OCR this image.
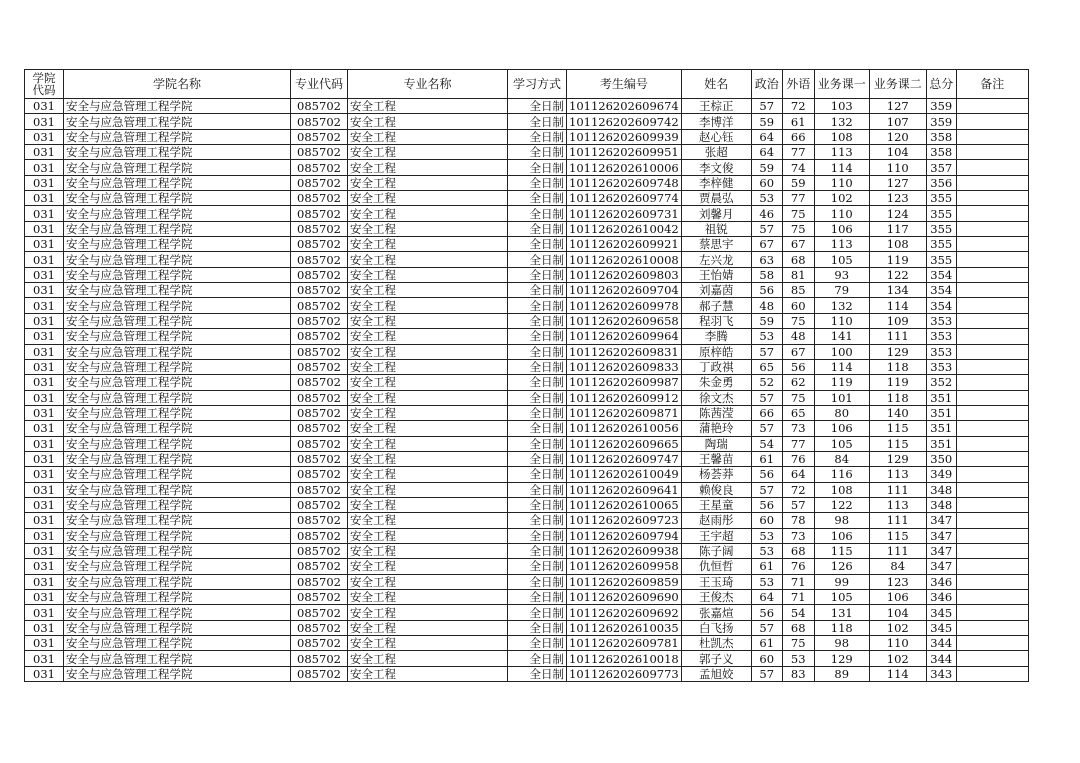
学院代码	学院名称	专业代码	专业名称	学习方式	考生编号	姓名	政治	外语	业务课一	业务课二	总分	备注
031	安全与应急管理工程学院	085702	安全工程	全日制	101126202609674	王棕正	57	72	103	127	359	
031	安全与应急管理工程学院	085702	安全工程	全日制	101126202609742	李博洋	59	61	132	107	359	
031	安全与应急管理工程学院	085702	安全工程	全日制	101126202609939	赵心钰	64	66	108	120	358	
031	安全与应急管理工程学院	085702	安全工程	全日制	101126202609951	张超	64	77	113	104	358	
031	安全与应急管理工程学院	085702	安全工程	全日制	101126202610006	李文俊	59	74	114	110	357	
031	安全与应急管理工程学院	085702	安全工程	全日制	101126202609748	李梓健	60	59	110	127	356	
031	安全与应急管理工程学院	085702	安全工程	全日制	101126202609774	贾晨弘	53	77	102	123	355	
031	安全与应急管理工程学院	085702	安全工程	全日制	101126202609731	刘馨月	46	75	110	124	355	
031	安全与应急管理工程学院	085702	安全工程	全日制	101126202610042	祖锐	57	75	106	117	355	
031	安全与应急管理工程学院	085702	安全工程	全日制	101126202609921	蔡思宇	67	67	113	108	355	
031	安全与应急管理工程学院	085702	安全工程	全日制	101126202610008	左兴龙	63	68	105	119	355	
031	安全与应急管理工程学院	085702	安全工程	全日制	101126202609803	王怡婧	58	81	93	122	354	
031	安全与应急管理工程学院	085702	安全工程	全日制	101126202609704	刘嘉茵	56	85	79	134	354	
031	安全与应急管理工程学院	085702	安全工程	全日制	101126202609978	郝子慧	48	60	132	114	354	
031	安全与应急管理工程学院	085702	安全工程	全日制	101126202609658	程羽飞	59	75	110	109	353	
031	安全与应急管理工程学院	085702	安全工程	全日制	101126202609964	李腾	53	48	141	111	353	
031	安全与应急管理工程学院	085702	安全工程	全日制	101126202609831	原梓皓	57	67	100	129	353	
031	安全与应急管理工程学院	085702	安全工程	全日制	101126202609833	丁政祺	65	56	114	118	353	
031	安全与应急管理工程学院	085702	安全工程	全日制	101126202609987	朱金勇	52	62	119	119	352	
031	安全与应急管理工程学院	085702	安全工程	全日制	101126202609912	徐文杰	57	75	101	118	351	
031	安全与应急管理工程学院	085702	安全工程	全日制	101126202609871	陈茜滢	66	65	80	140	351	
031	安全与应急管理工程学院	085702	安全工程	全日制	101126202610056	蒲艳玲	57	73	106	115	351	
031	安全与应急管理工程学院	085702	安全工程	全日制	101126202609665	陶瑞	54	77	105	115	351	
031	安全与应急管理工程学院	085702	安全工程	全日制	101126202609747	王馨苗	61	76	84	129	350	
031	安全与应急管理工程学院	085702	安全工程	全日制	101126202610049	杨荟莽	56	64	116	113	349	
031	安全与应急管理工程学院	085702	安全工程	全日制	101126202609641	赖俊良	57	72	108	111	348	
031	安全与应急管理工程学院	085702	安全工程	全日制	101126202610065	王星童	56	57	122	113	348	
031	安全与应急管理工程学院	085702	安全工程	全日制	101126202609723	赵雨彤	60	78	98	111	347	
031	安全与应急管理工程学院	085702	安全工程	全日制	101126202609794	王宇超	53	73	106	115	347	
031	安全与应急管理工程学院	085702	安全工程	全日制	101126202609938	陈子阔	53	68	115	111	347	
031	安全与应急管理工程学院	085702	安全工程	全日制	101126202609958	仇恒哲	61	76	126	84	347	
031	安全与应急管理工程学院	085702	安全工程	全日制	101126202609859	王玉琦	53	71	99	123	346	
031	安全与应急管理工程学院	085702	安全工程	全日制	101126202609690	王俊杰	64	71	105	106	346	
031	安全与应急管理工程学院	085702	安全工程	全日制	101126202609692	张嘉煊	56	54	131	104	345	
031	安全与应急管理工程学院	085702	安全工程	全日制	101126202610035	白飞扬	57	68	118	102	345	
031	安全与应急管理工程学院	085702	安全工程	全日制	101126202609781	杜凯杰	61	75	98	110	344	
031	安全与应急管理工程学院	085702	安全工程	全日制	101126202610018	郭子义	60	53	129	102	344	
031	安全与应急管理工程学院	085702	安全工程	全日制	101126202609773	孟旭姣	57	83	89	114	343	
